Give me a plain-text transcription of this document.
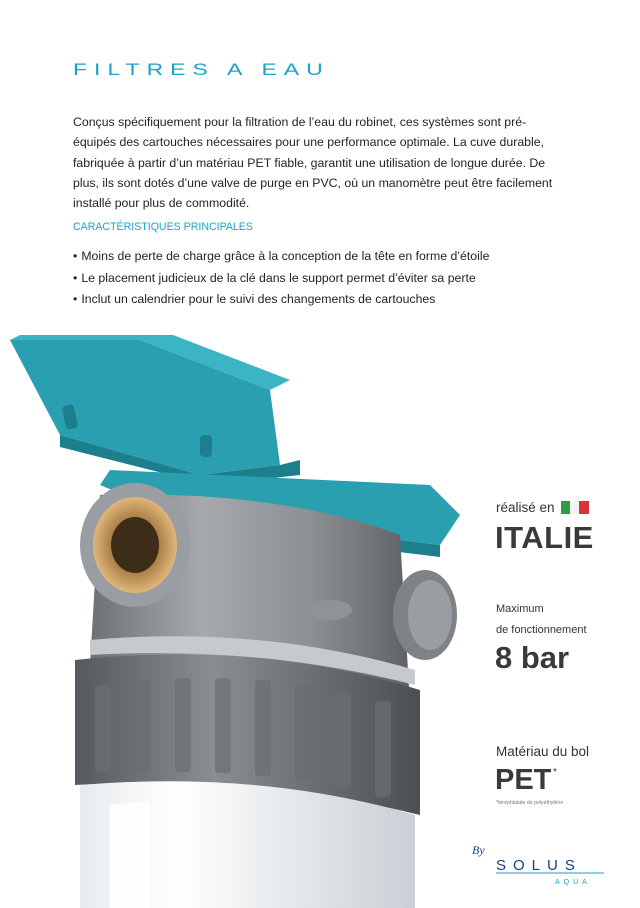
FILTRES A EAU

Conçus spécifiquement pour la filtration de l’eau du robinet, ces systèmes sont pré-équipés des cartouches nécessaires pour une performance optimale. La cuve durable, fabriquée à partir d’un matériau PET fiable, garantit une utilisation de longue durée. De plus, ils sont dotés d’une valve de purge en PVC, où un manomètre peut être facilement installé pour plus de commodité.

CARACTÉRISTIQUES PRINCIPALES
• Moins de perte de charge grâce à la conception de la tête en forme d’étoile
• Le placement judicieux de la clé dans le support permet d’éviter sa perte
• Inclut un calendrier pour le suivi des changements de cartouches
réalisé en
ITALIE
Maximum
de fonctionnement
8 bar
Matériau du bol
PET *
*téréphtalate de polyéthylène
By
SOLUS
AQUA
